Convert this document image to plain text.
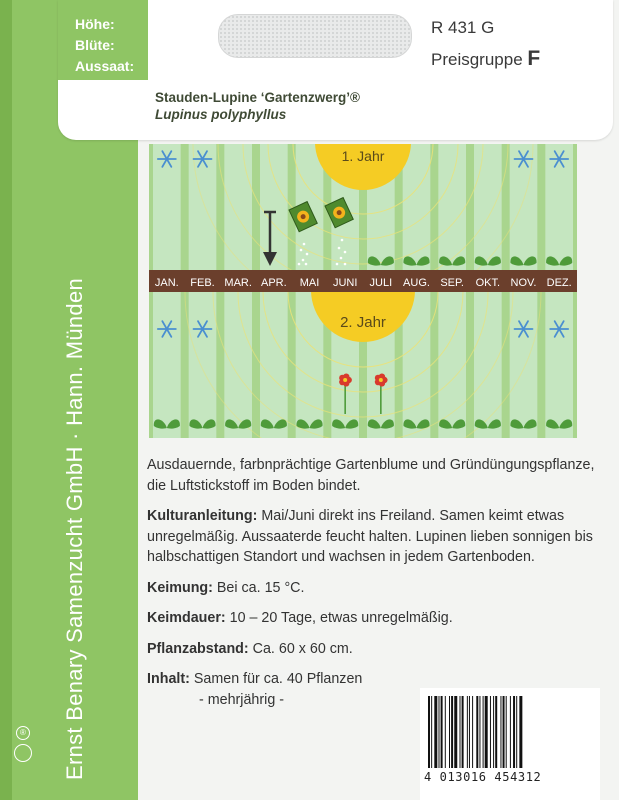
Ernst Benary Samenzucht GmbH · Hann. Münden
®
Höhe:	60 cm
Blüte:	VI-VII
Aussaat: V-VI
R 431 G
Preisgruppe F
Stauden-Lupine ‘Gartenzwerg’®
Lupinus polyphyllus
1. Jahr
2. Jahr
JAN. FEB. MAR. APR. MAI JUNI JULI AUG. SEP. OKT. NOV. DEZ.

Ausdauernde, farbnprächtige Gartenblume und Gründüngungspflanze, die Luftstickstoff im Boden bindet.

Kulturanleitung: Mai/Juni direkt ins Freiland. Samen keimt etwas unregelmäßig. Aussaaterde feucht halten. Lupinen lieben sonnigen bis halbschattigen Standort und wachsen in jedem Gartenboden.

Keimung: Bei ca. 15 °C.

Keimdauer: 10 – 20 Tage, etwas unregelmäßig.

Pflanzabstand: Ca. 60 x 60 cm.

Inhalt: Samen für ca. 40 Pflanzen

- mehrjährig -
4 013016 454312
